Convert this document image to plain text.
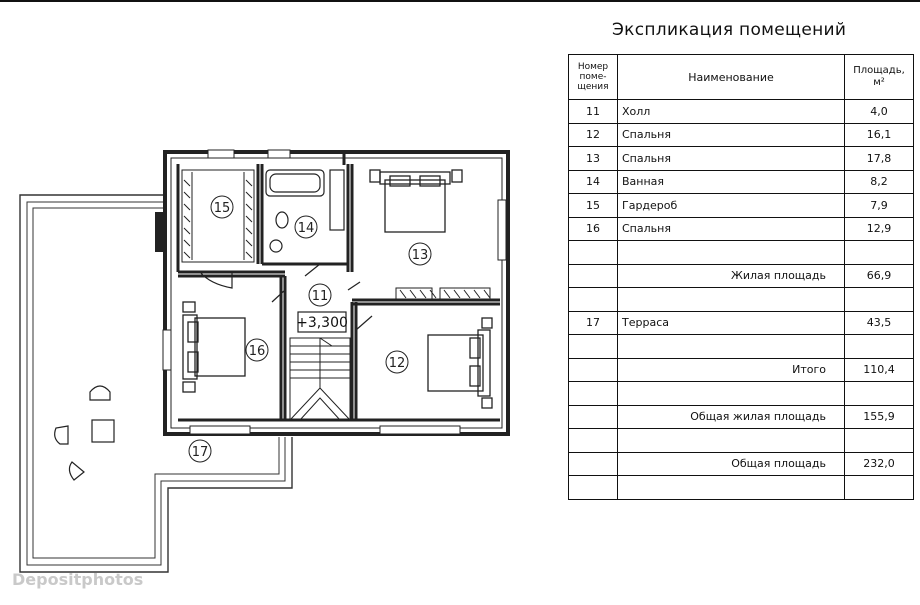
+3,300
11
12
13
14
15
16
17
Экспликация помещений
Номер поме-щения	Наименование	Площадь, м²
11	Холл	4,0
12	Спальня	16,1
13	Спальня	17,8
14	Ванная	8,2
15	Гардероб	7,9
16	Спальня	12,9

	Жилая площадь	66,9

17	Терраса	43,5

	Итого	110,4

	Общая жилая площадь	155,9

	Общая площадь	232,0

Depositphotos
